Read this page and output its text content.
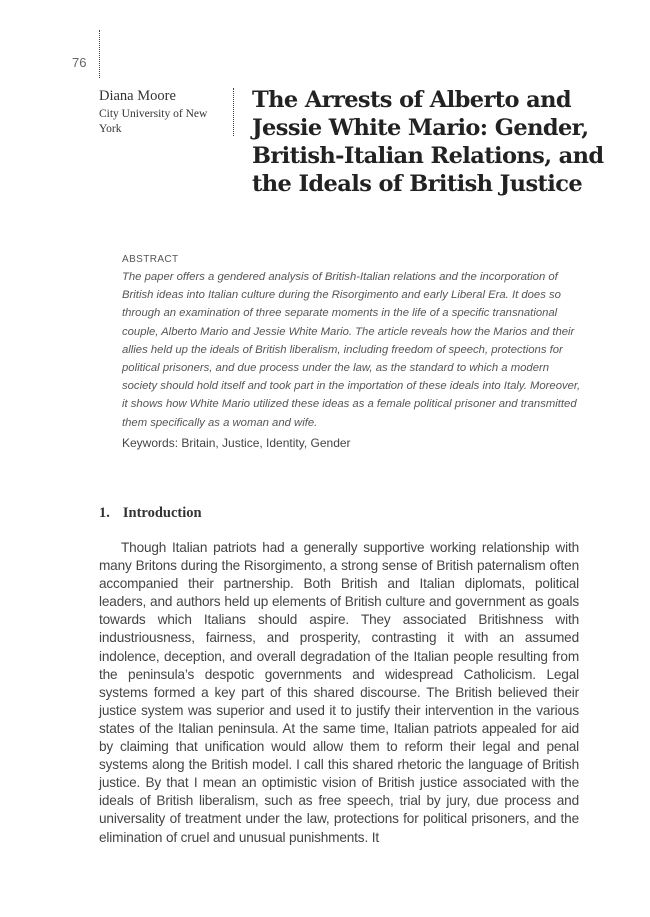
76
Diana Moore
City University of New York
The Arrests of Alberto and Jessie White Mario: Gender, British-Italian Relations, and the Ideals of British Justice
ABSTRACT
The paper offers a gendered analysis of British-Italian relations and the incorporation of British ideas into Italian culture during the Risorgimento and early Liberal Era. It does so through an examination of three separate moments in the life of a specific transnational couple, Alberto Mario and Jessie White Mario. The article reveals how the Marios and their allies held up the ideals of British liberalism, including freedom of speech, protections for political prisoners, and due process under the law, as the standard to which a modern society should hold itself and took part in the importation of these ideals into Italy. Moreover, it shows how White Mario utilized these ideas as a female political prisoner and transmitted them specifically as a woman and wife.
Keywords: Britain, Justice, Identity, Gender
1. Introduction

Though Italian patriots had a generally supportive working relationship with many Britons during the Risorgimento, a strong sense of British paternalism often accompanied their partnership. Both British and Italian diplomats, political leaders, and authors held up elements of British culture and government as goals towards which Italians should aspire. They associated Britishness with industriousness, fairness, and prosperity, contrasting it with an assumed indolence, deception, and overall degradation of the Italian people resulting from the peninsula’s despotic governments and widespread Catholicism. Legal systems formed a key part of this shared discourse. The British believed their justice system was superior and used it to justify their intervention in the various states of the Italian peninsula. At the same time, Italian patriots appealed for aid by claiming that unification would allow them to reform their legal and penal systems along the British model. I call this shared rhetoric the language of British justice. By that I mean an optimistic vision of British justice associated with the ideals of British liberalism, such as free speech, trial by jury, due process and universality of treatment under the law, protections for political prisoners, and the elimination of cruel and unusual punishments. It
